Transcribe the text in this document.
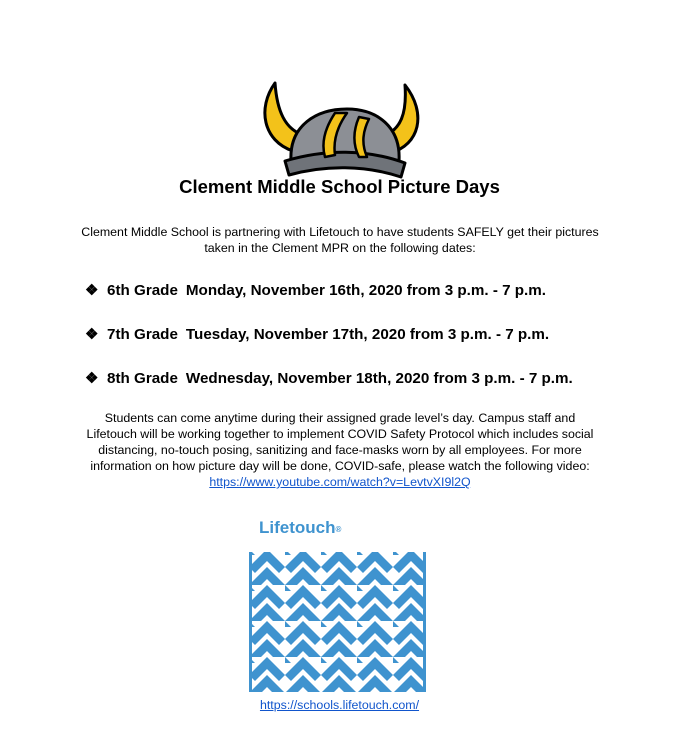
Clement Middle School Picture Days
Clement Middle School is partnering with Lifetouch to have students SAFELY get their pictures
taken in the Clement MPR on the following dates:
❖ 6th Grade Monday, November 16th, 2020 from 3 p.m. - 7 p.m.
❖ 7th Grade Tuesday, November 17th, 2020 from 3 p.m. - 7 p.m.
❖ 8th Grade Wednesday, November 18th, 2020 from 3 p.m. - 7 p.m.
Students can come anytime during their assigned grade level’s day. Campus staff and
Lifetouch will be working together to implement COVID Safety Protocol which includes social
distancing, no-touch posing, sanitizing and face-masks worn by all employees. For more
information on how picture day will be done, COVID-safe, please watch the following video:
https://www.youtube.com/watch?v=LevtvXI9l2Q
Lifetouch®
https://schools.lifetouch.com/
